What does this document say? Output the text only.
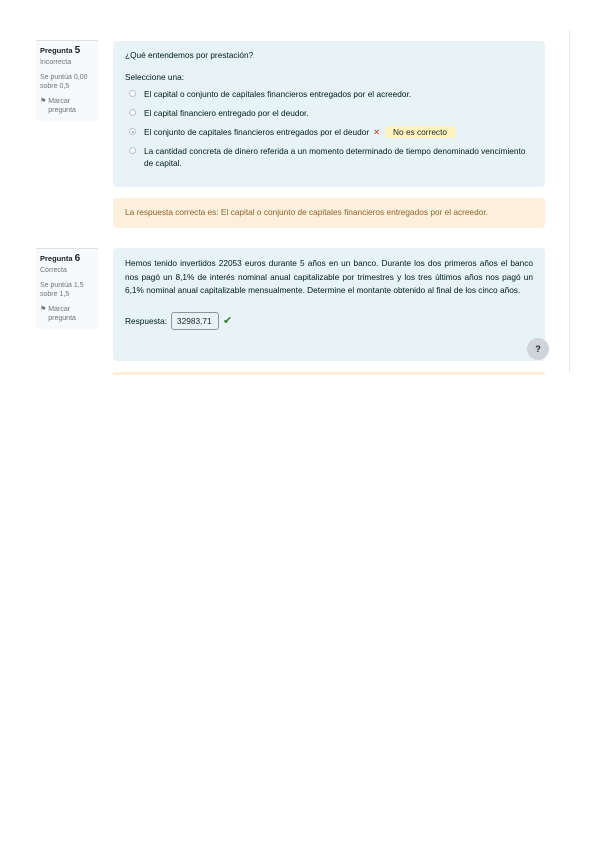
Pregunta 5
Incorrecta
Se puntúa 0,00 sobre 0,5
⚑ Marcar pregunta
¿Qué entendemos por prestación?
Seleccione una:
El capital o conjunto de capitales financieros entregados por el acreedor.
El capital financiero entregado por el deudor.
El conjunto de capitales financieros entregados por el deudor ✕	No es correcto
La cantidad concreta de dinero referida a un momento determinado de tiempo denominado vencimiento de capital.
La respuesta correcta es: El capital o conjunto de capitales financieros entregados por el acreedor.
Pregunta 6
Correcta
Se puntúa 1,5 sobre 1,5
⚑ Marcar pregunta
Hemos tenido invertidos 22053 euros durante 5 años en un banco. Durante los dos primeros años el banco nos pagó un 8,1% de interés nominal anual capitalizable por trimestres y los tres últimos años nos pagó un 6,1% nominal anual capitalizable mensualmente. Determine el montante obtenido al final de los cinco años.
Respuesta:
32983,71	✔
?
